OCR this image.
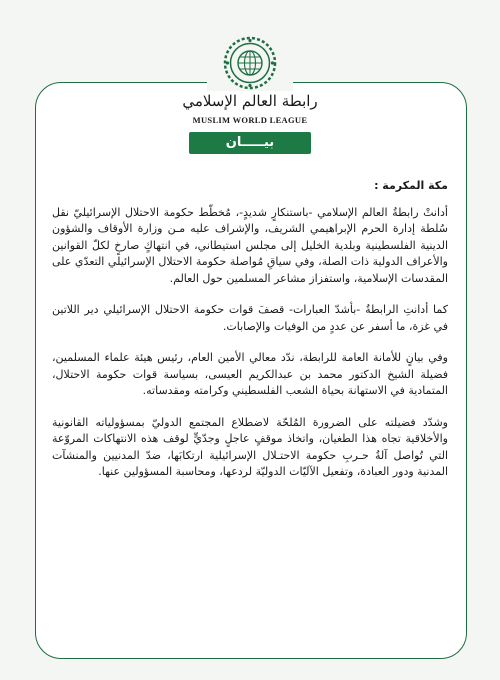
رابطة العالم الإسلامي
MUSLIM WORLD LEAGUE
بيـــــان

مكة المكرمة :

أدانتْ رابطةُ العالم الإسلامي -باستنكارٍ شديدٍ-، مُخطّط حكومة الاحتلال الإسرائيليّ نقل سُلطة إدارة الحرم الإبراهيمي الشريف، والإشراف عليه مـن وزارة الأوقاف والشؤون الدينية الفلسطينية وبلدية الخليل إلى مجلس استيطاني، في انتهاكٍ صارخٍ لكلّ القوانين والأعراف الدولية ذات الصلة، وفي سياقِ مُواصلة حكومة الاحتلال الإسرائيلي التعدّي على المقدسات الإسلامية، واستفزاز مشاعر المسلمين حول العالم.

كما أدانتِ الرابطةُ -بأشدّ العبارات- قصفَ قوات حكومة الاحتلال الإسرائيلي دير اللاتين في غزة، ما أسفر عن عددٍ من الوفيات والإصابات.

وفي بيانٍ للأمانة العامة للرابطة، ندّد معالي الأمين العام، رئيس هيئة علماء المسلمين، فضيلة الشيخ الدكتور محمد بن عبدالكريم العيسى، بسياسة قوات حكومة الاحتلال، المتمادية في الاستهانة بحياة الشعب الفلسطيني وكرامته ومقدساته.

وشدّد فضيلته على الضرورة المُلحّة لاضطلاع المجتمع الدوليّ بمسؤولياته القانونية والأخلاقية تجاه هذا الطغيان، واتخاذ موقفٍ عاجلٍ وجدّيٍّ لوقف هذه الانتهاكات المروّعة التي تُواصل آلةُ حـربِ حكومة الاحتـلال الإسرائيلية ارتكابَها، ضدّ المدنيين والمنشآت المدنية ودور العبادة، وتفعيل الآليّات الدوليّة لردعها، ومحاسبة المسؤولين عنها.
